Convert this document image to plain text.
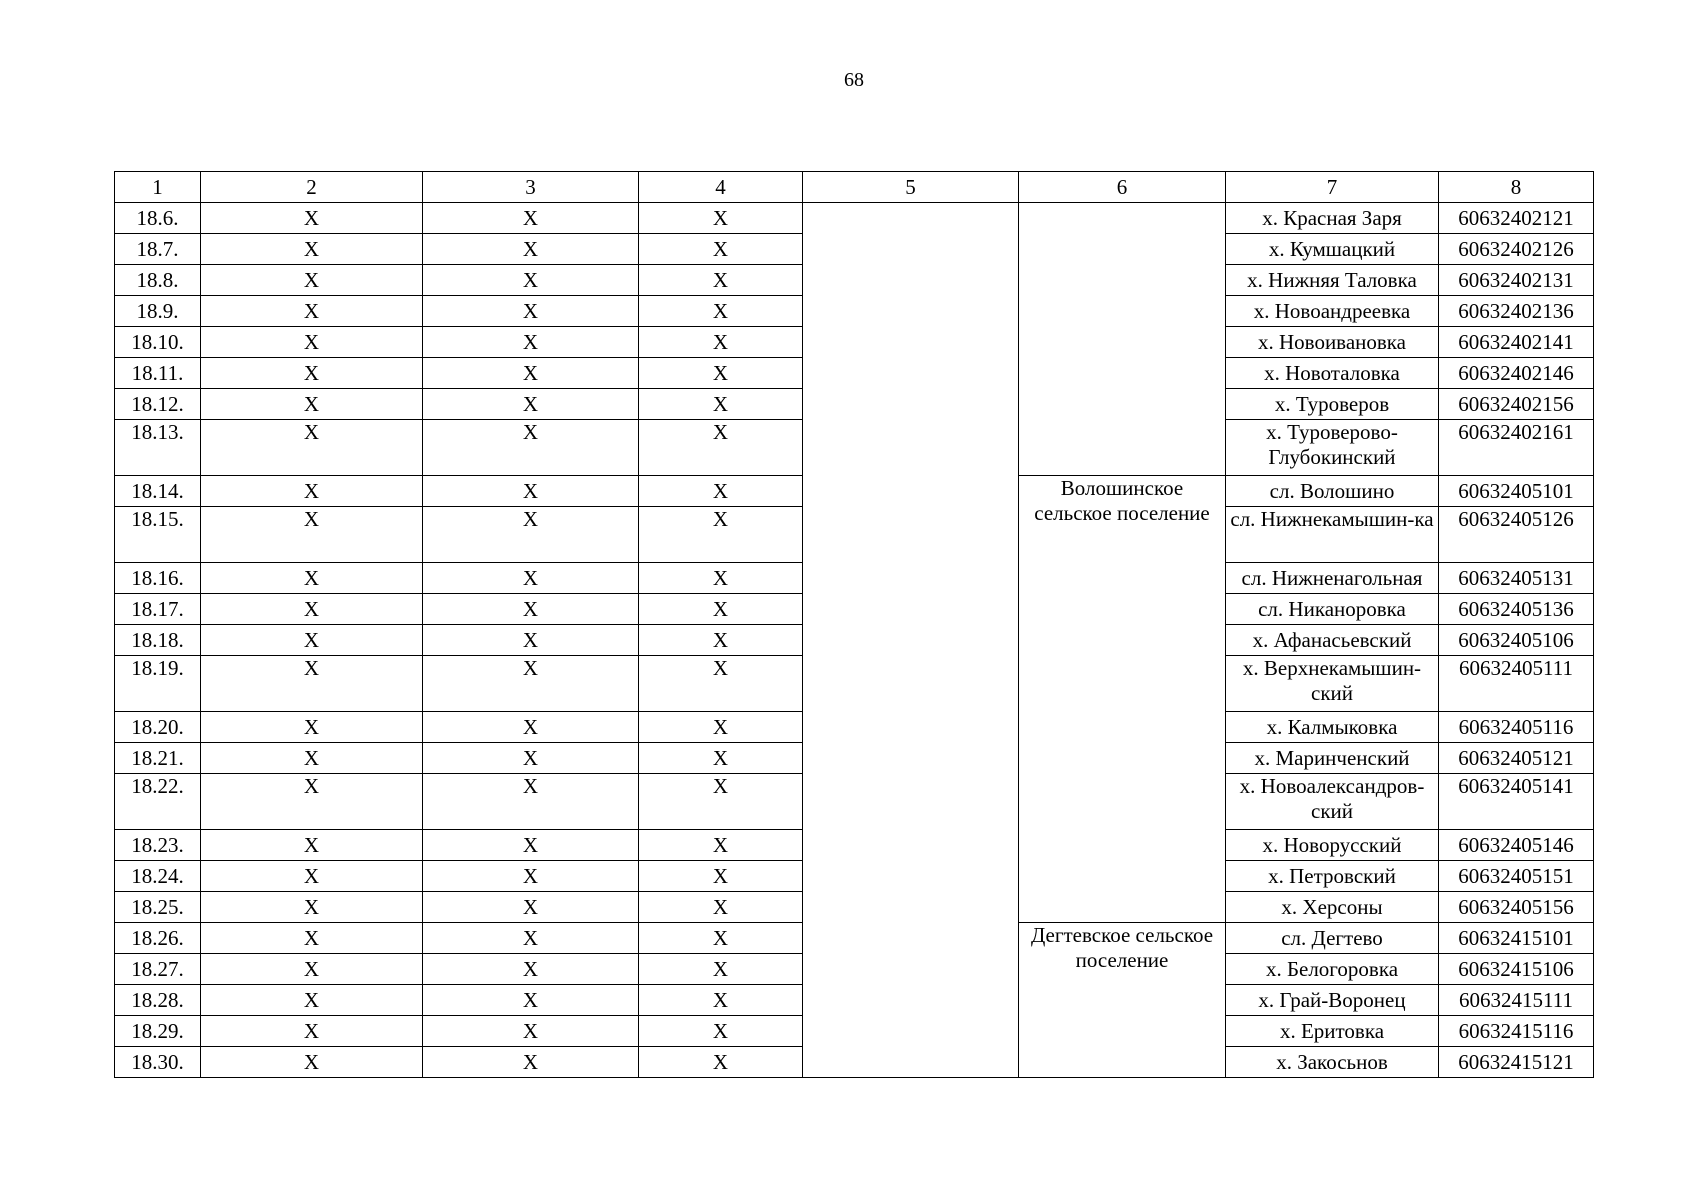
68
1	2	3	4	5	6	7	8
18.6.	X	X	X			х. Красная Заря	60632402121
18.7.	X	X	X			х. Кумшацкий	60632402126
18.8.	X	X	X			х. Нижняя Таловка	60632402131
18.9.	X	X	X			х. Новоандреевка	60632402136
18.10.	X	X	X			х. Новоивановка	60632402141
18.11.	X	X	X			х. Новоталовка	60632402146
18.12.	X	X	X			х. Туроверов	60632402156
18.13.	X	X	X			х. Туроверово-Глубокинский	60632402161
18.14.	X	X	X		Волошинское сельское поселение	сл. Волошино	60632405101
18.15.	X	X	X			сл. Нижнекамышин-ка	60632405126
18.16.	X	X	X			сл. Нижненагольная	60632405131
18.17.	X	X	X			сл. Никаноровка	60632405136
18.18.	X	X	X			х. Афанасьевский	60632405106
18.19.	X	X	X			х. Верхнекамышин-ский	60632405111
18.20.	X	X	X			х. Калмыковка	60632405116
18.21.	X	X	X			х. Маринченский	60632405121
18.22.	X	X	X			х. Новоалександров-ский	60632405141
18.23.	X	X	X			х. Новорусский	60632405146
18.24.	X	X	X			х. Петровский	60632405151
18.25.	X	X	X			х. Херсоны	60632405156
18.26.	X	X	X		Дегтевское сельское поселение	сл. Дегтево	60632415101
18.27.	X	X	X			х. Белогоровка	60632415106
18.28.	X	X	X			х. Грай-Воронец	60632415111
18.29.	X	X	X			х. Еритовка	60632415116
18.30.	X	X	X			х. Закосьнов	60632415121
